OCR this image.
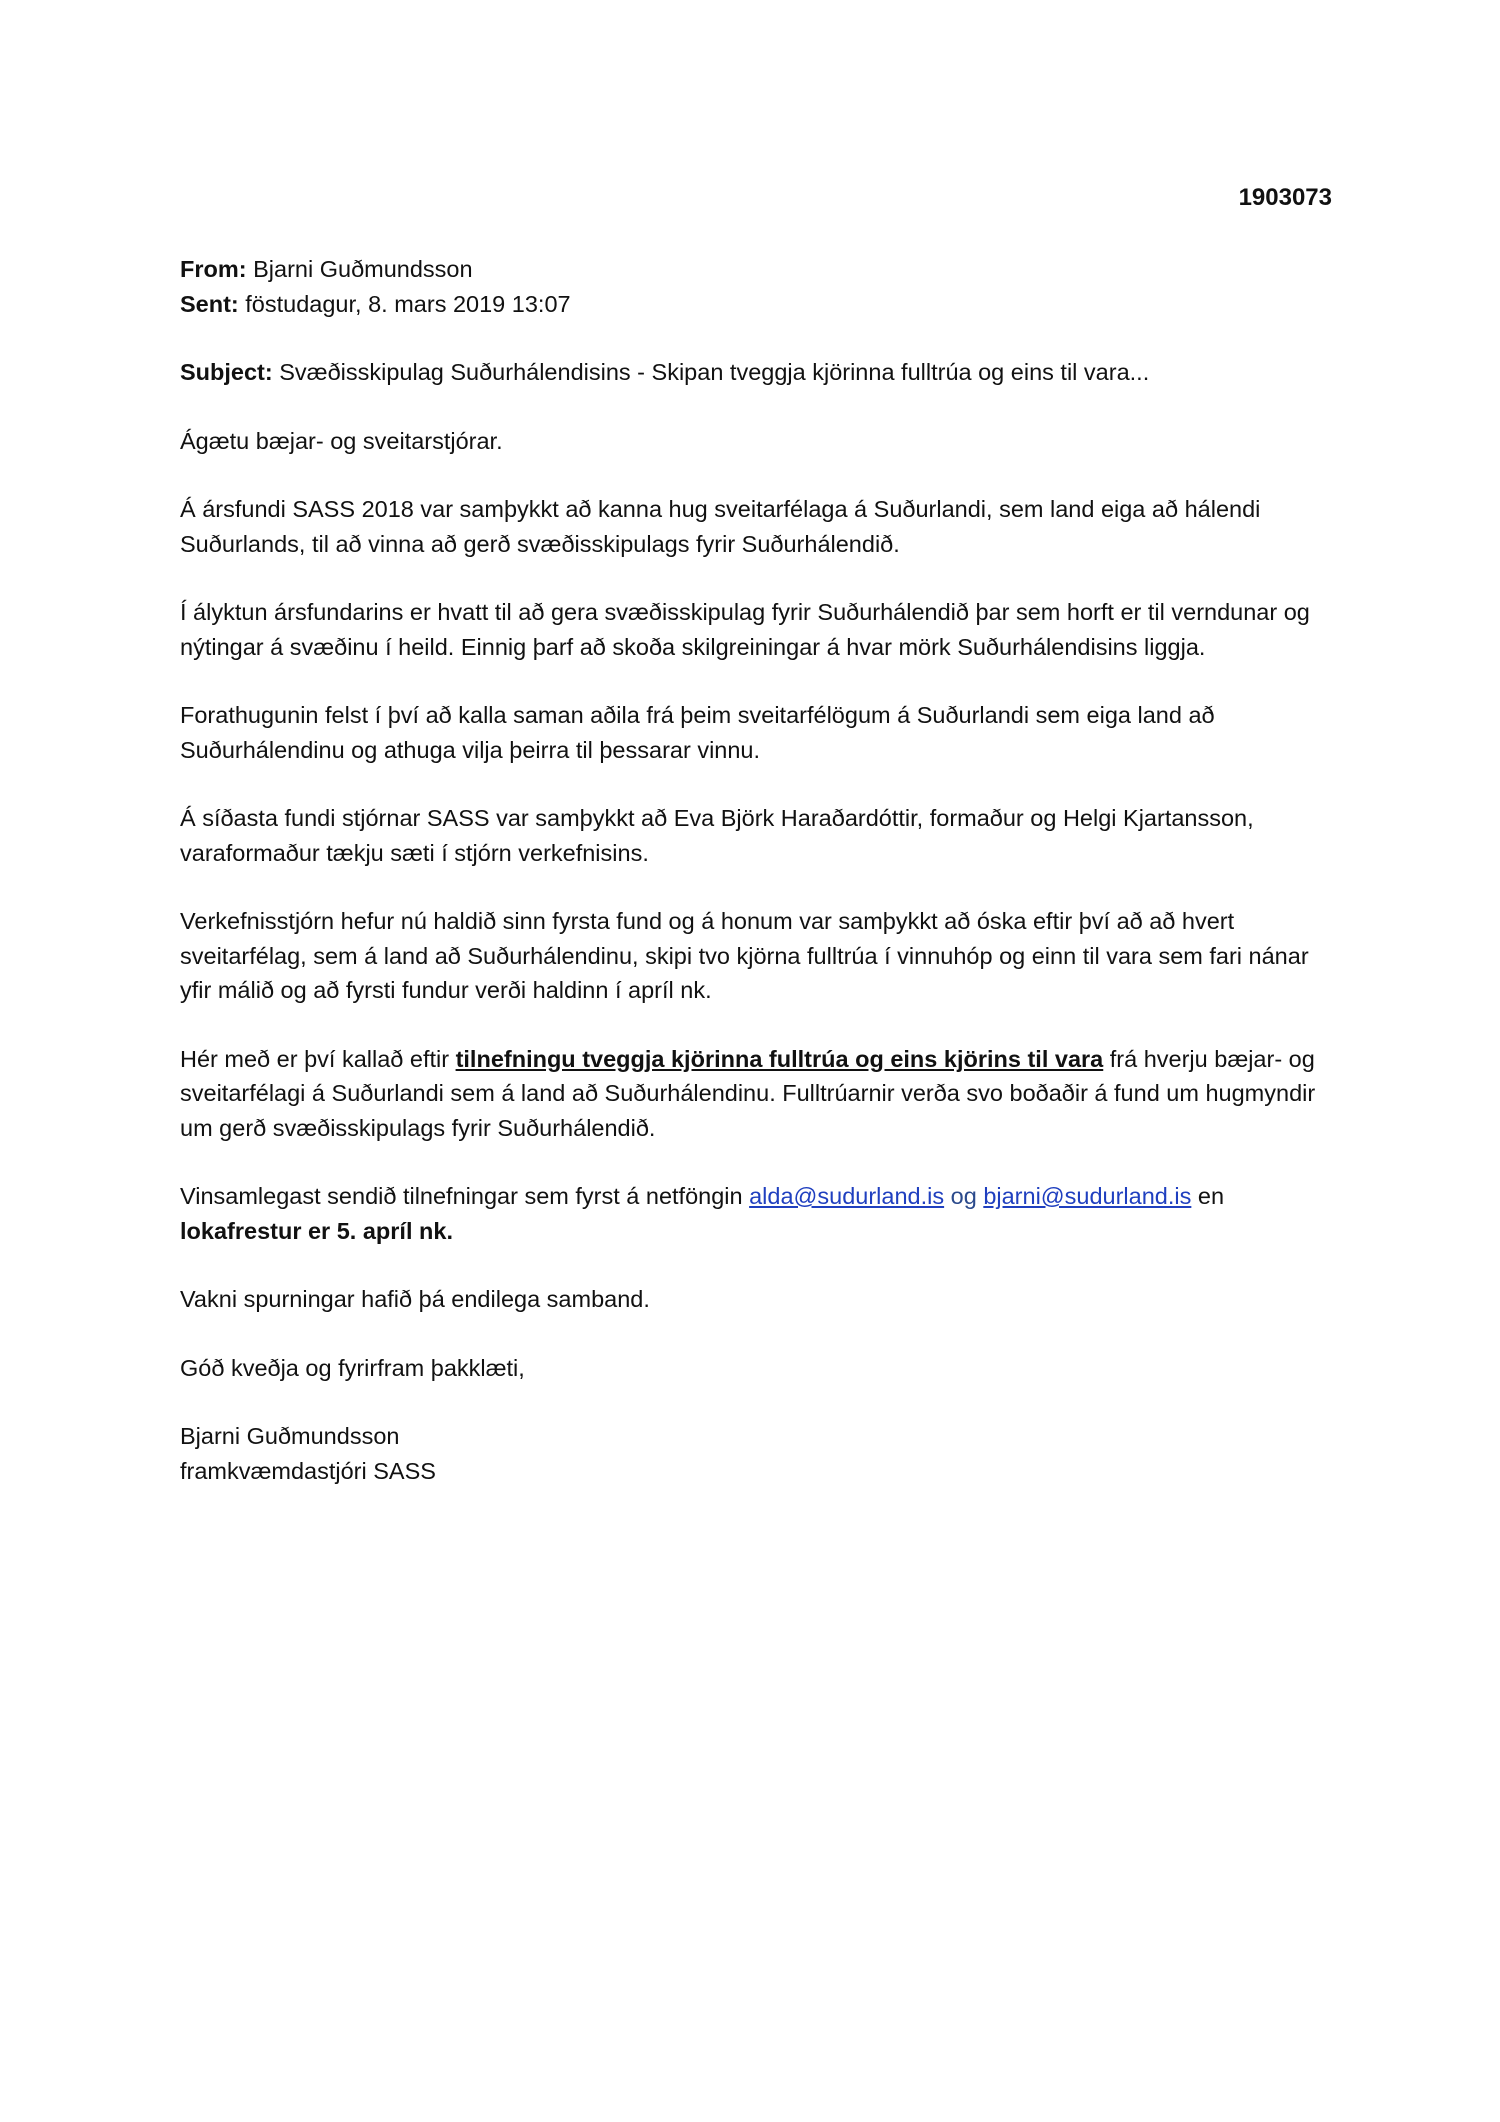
1903073

From: Bjarni Guðmundsson

Sent: föstudagur, 8. mars 2019 13:07

Subject: Svæðisskipulag Suðurhálendisins - Skipan tveggja kjörinna fulltrúa og eins til vara...

Ágætu bæjar- og sveitarstjórar.

Á ársfundi SASS 2018 var samþykkt að kanna hug sveitarfélaga á Suðurlandi, sem land eiga að hálendi Suðurlands, til að vinna að gerð svæðisskipulags fyrir Suðurhálendið.

Í ályktun ársfundarins er hvatt til að gera svæðisskipulag fyrir Suðurhálendið þar sem horft er til verndunar og nýtingar á svæðinu í heild. Einnig þarf að skoða skilgreiningar á hvar mörk Suðurhálendisins liggja.

Forathugunin felst í því að kalla saman aðila frá þeim sveitarfélögum á Suðurlandi sem eiga land að Suðurhálendinu og athuga vilja þeirra til þessarar vinnu.

Á síðasta fundi stjórnar SASS var samþykkt að Eva Björk Haraðardóttir, formaður og Helgi Kjartansson, varaformaður tækju sæti í stjórn verkefnisins.

Verkefnisstjórn hefur nú haldið sinn fyrsta fund og á honum var samþykkt að óska eftir því að að hvert sveitarfélag, sem á land að Suðurhálendinu, skipi tvo kjörna fulltrúa í vinnuhóp og einn til vara sem fari nánar yfir málið og að fyrsti fundur verði haldinn í apríl nk.

Hér með er því kallað eftir tilnefningu tveggja kjörinna fulltrúa og eins kjörins til vara frá hverju bæjar- og sveitarfélagi á Suðurlandi sem á land að Suðurhálendinu. Fulltrúarnir verða svo boðaðir á fund um hugmyndir um gerð svæðisskipulags fyrir Suðurhálendið.

Vinsamlegast sendið tilnefningar sem fyrst á netföngin alda@sudurland.is og bjarni@sudurland.is en lokafrestur er 5. apríl nk.

Vakni spurningar hafið þá endilega samband.

Góð kveðja og fyrirfram þakklæti,

Bjarni Guðmundsson

framkvæmdastjóri SASS
